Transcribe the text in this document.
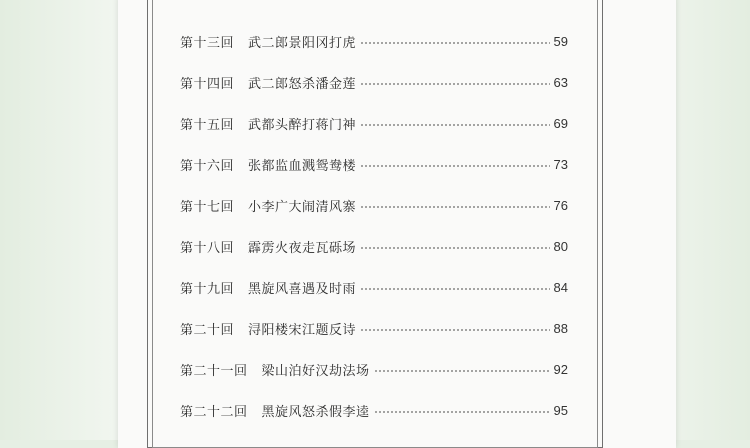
第十三回 武二郎景阳冈打虎	59
第十四回 武二郎怒杀潘金莲	63
第十五回 武都头醉打蒋门神	69
第十六回 张都监血溅鸳鸯楼	73
第十七回 小李广大闹清风寨	76
第十八回 霹雳火夜走瓦砾场	80
第十九回 黑旋风喜遇及时雨	84
第二十回 浔阳楼宋江题反诗	88
第二十一回 梁山泊好汉劫法场	92
第二十二回 黑旋风怒杀假李逵	95
